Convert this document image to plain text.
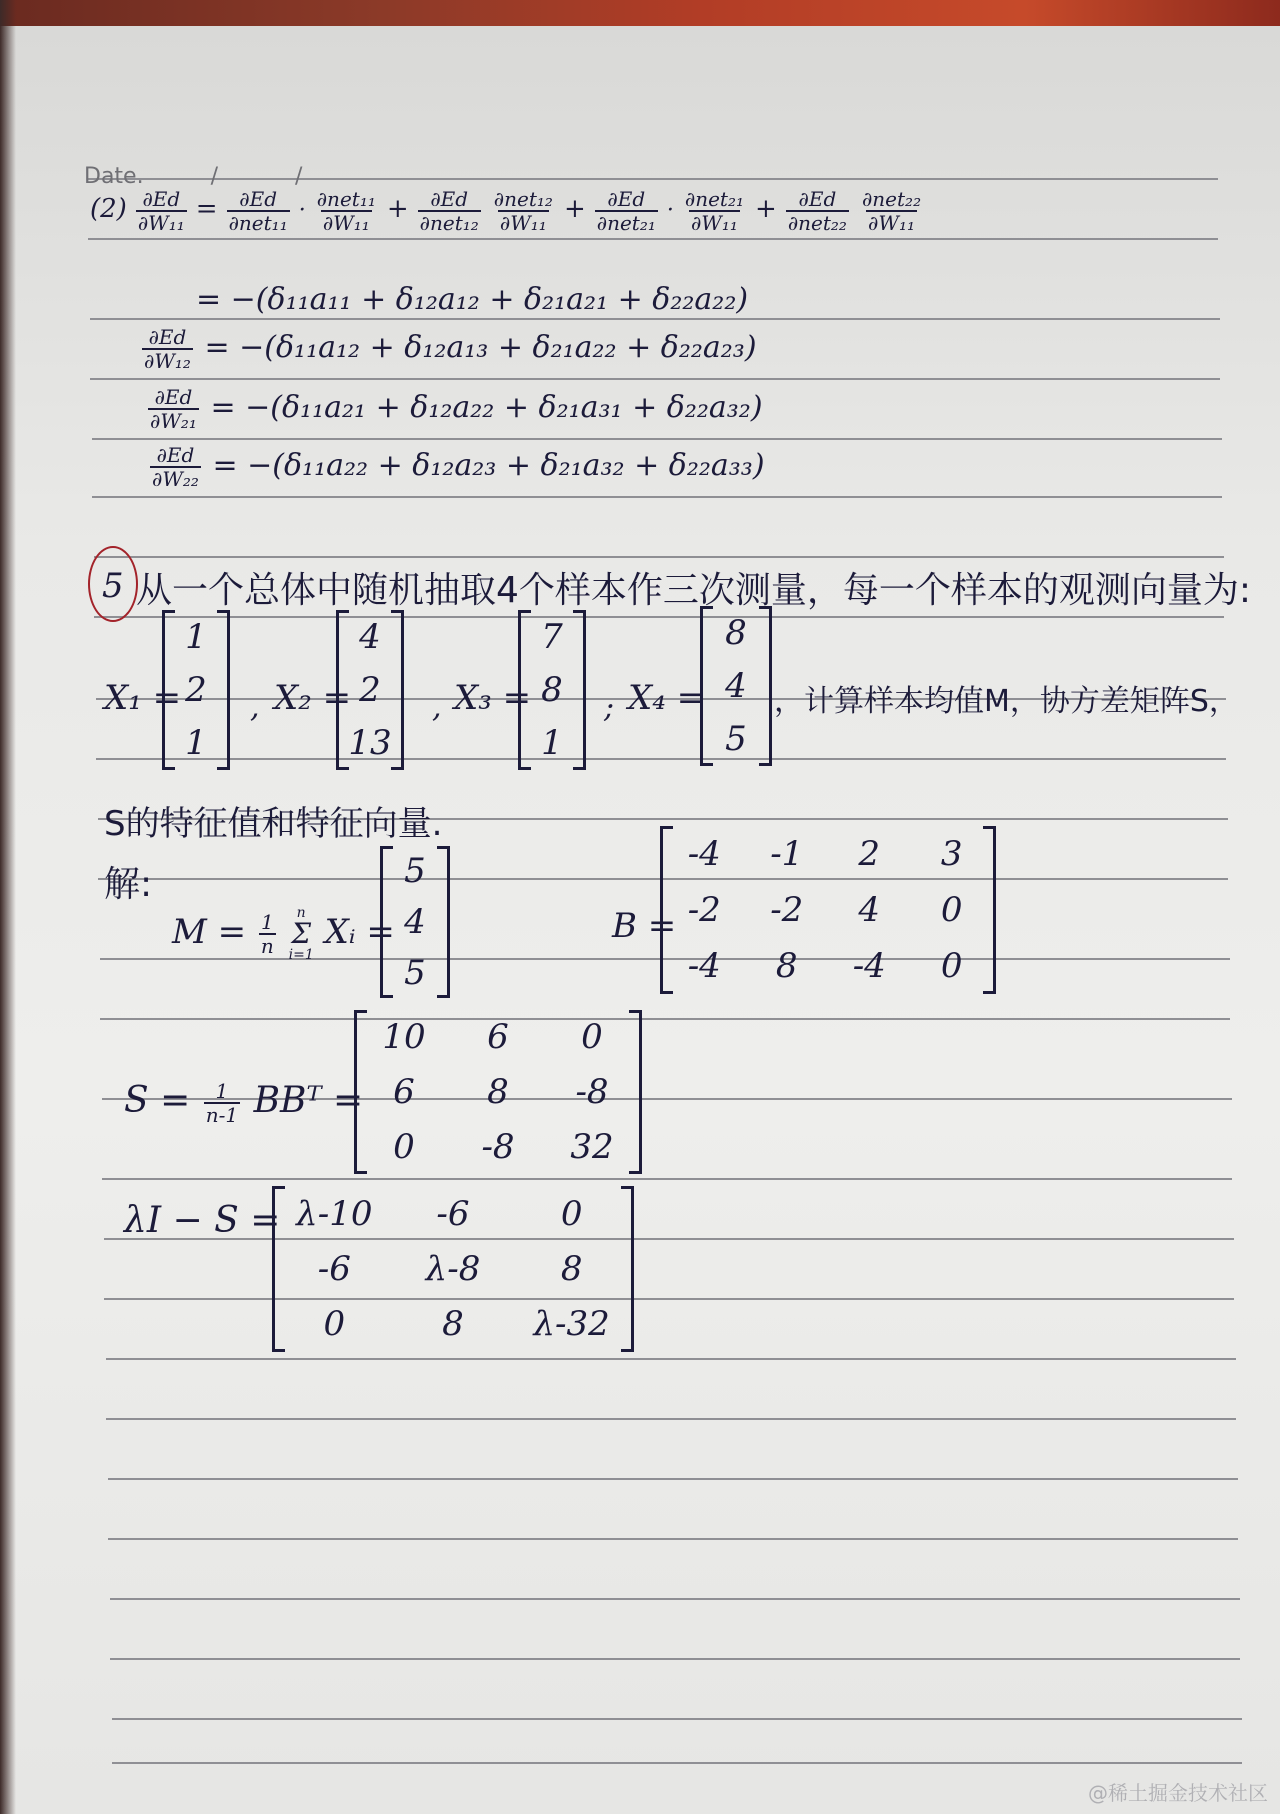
Date.	/	/
$(2) \frac{\partial Ed}{\text{∂W₁₁}} = \frac{\partial Ed}{\text{∂net₁₁}} \cdot \frac{\text{∂net₁₁}}{\text{∂W₁₁}} + \frac{\partial Ed}{\text{∂net₁₂}}$
$\frac{\text{∂net₁₂}}{\text{∂W₁₁}} + \frac{\partial Ed}{\text{∂net₂₁}} \cdot \frac{\text{∂net₂₁}}{\text{∂W₁₁}} + \frac{\partial Ed}{\text{∂net₂₂}}$
$\frac{\text{∂net₂₂}}{\text{∂W₁₁}}$
= −(δ₁₁a₁₁ + δ₁₂a₁₂ + δ₂₁a₂₁ + δ₂₂a₂₂)
$\frac{\partial Ed}{\text{∂W₁₂}} = -(\delta_{11}a_{12} + \delta_{12}a_{13} + \delta_{21}a_{22} + \delta_{22}a_{23})$
$\frac{\partial Ed}{\text{∂W₂₁}} = -(\delta_{11}a_{21} + \delta_{12}a_{22} + \delta_{21}a_{31} + \delta_{22}a_{32})$
$\frac{\partial Ed}{\text{∂W₂₂}} = -(\delta_{11}a_{22} + \delta_{12}a_{23} + \delta_{21}a_{32} + \delta_{22}a_{33})$
5 从一个总体中随机抽取4个样本作三次测量，每一个样本的观测向量为:
X₁ =
1
2
1
, X₂ =
4
2
13
, X₃ =
7
8
1
; X₄ =
8
4
5
，计算样本均值M，协方差矩阵S，
S的特征值和特征向量.
解:
$M = \frac{1}{n}$
n
Σ
i=1
Xᵢ =
5
4
5
B =
-4 -1 2 3
-2 -2 4 0
-4 8 -4 0
$S = \frac{1}{n-1}$ BBᵀ =
10 6 0
6 8 -8
0 -8 32
λI − S = λ-10 -6	0
-6 λ-8 8
0	8 λ-32
@稀土掘金技术社区
